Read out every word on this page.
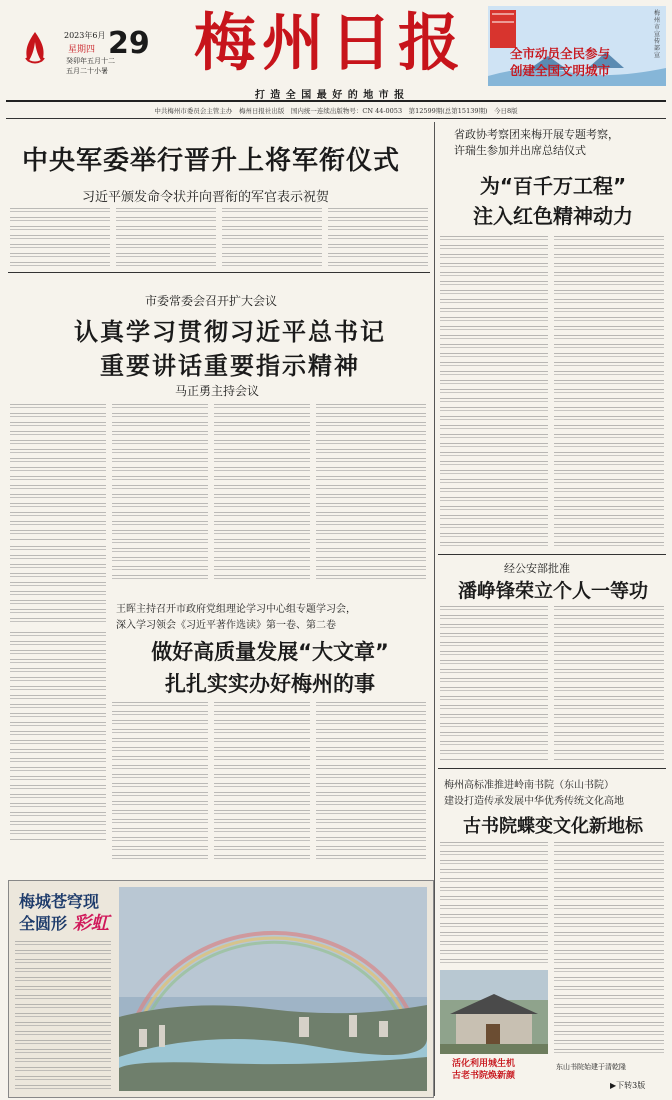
2023年6月
星期四 29
癸卯年五月十二
五月二十小暑 梅州日报
打 造 全 国 最 好 的 地 市 报
全市动员全民参与
创建全国文明城市
梅州市宣传部宣
中共梅州市委员会主管主办　梅州日报社出版　国内统一连续出版物号：CN 44-0053　第12599期(总第15139期)　今日8版
中央军委举行晋升上将军衔仪式
习近平颁发命令状并向晋衔的军官表示祝贺
市委常委会召开扩大会议
认真学习贯彻习近平总书记
重要讲话重要指示精神
马正勇主持会议
王晖主持召开市政府党组理论学习中心组专题学习会，
深入学习领会《习近平著作选读》第一卷、第二卷
做好高质量发展“大文章”
扎扎实实办好梅州的事
梅城苍穹现
全圆形 彩虹
省政协考察团来梅开展专题考察，
许瑞生参加并出席总结仪式
为“百千万工程”
注入红色精神动力
经公安部批准
潘峥锋荣立个人一等功
梅州高标准推进岭南书院（东山书院）
建设打造传承发展中华优秀传统文化高地
古书院蝶变文化新地标
活化利用城生机
古老书院焕新颜
东山书院始建于清乾隆
▶下转3版
